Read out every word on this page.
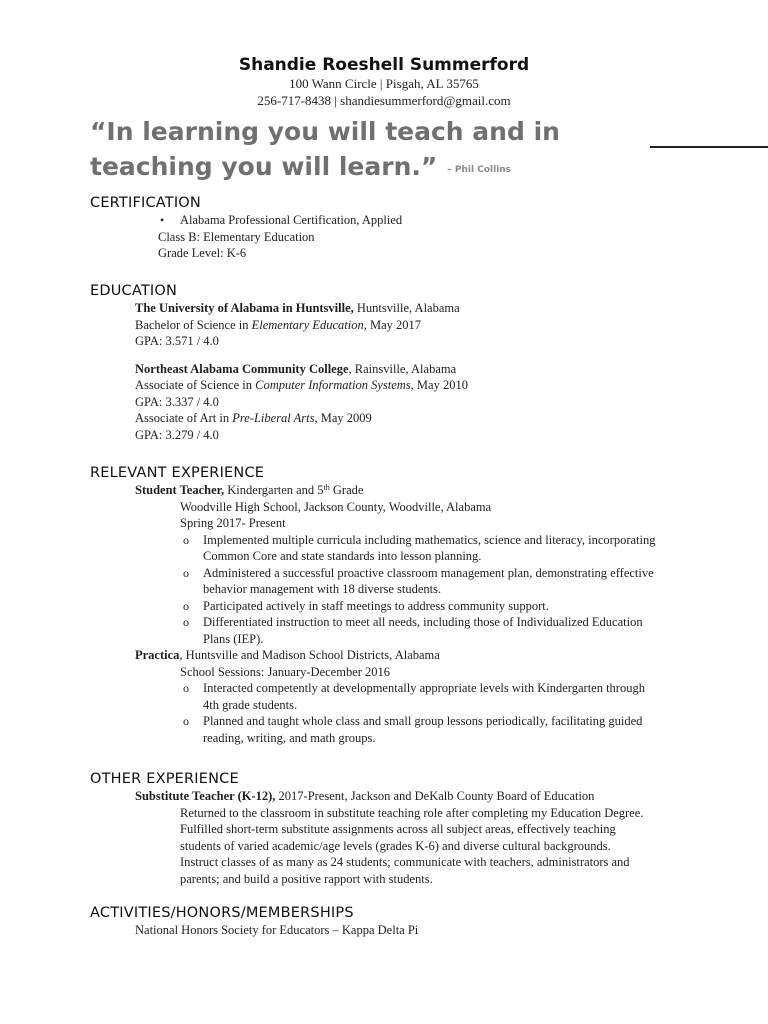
Shandie Roeshell Summerford
100 Wann Circle | Pisgah, AL 35765
256-717-8438 | shandiesummerford@gmail.com
“In learning you will teach and in
teaching you will learn.” – Phil Collins
CERTIFICATION
• Alabama Professional Certification, Applied
Class B: Elementary Education
Grade Level: K-6
EDUCATION
The University of Alabama in Huntsville, Huntsville, Alabama
Bachelor of Science in Elementary Education, May 2017
GPA: 3.571 / 4.0
Northeast Alabama Community College, Rainsville, Alabama
Associate of Science in Computer Information Systems, May 2010
GPA: 3.337 / 4.0
Associate of Art in Pre-Liberal Arts, May 2009
GPA: 3.279 / 4.0
RELEVANT EXPERIENCE
Student Teacher, Kindergarten and 5th Grade
Woodville High School, Jackson County, Woodville, Alabama
Spring 2017- Present
o Implemented multiple curricula including mathematics, science and literacy, incorporating Common Core and state standards into lesson planning.
o Administered a successful proactive classroom management plan, demonstrating effective behavior management with 18 diverse students.
o Participated actively in staff meetings to address community support.
o Differentiated instruction to meet all needs, including those of Individualized Education Plans (IEP).
Practica, Huntsville and Madison School Districts, Alabama
School Sessions: January-December 2016
o Interacted competently at developmentally appropriate levels with Kindergarten through 4th grade students.
o Planned and taught whole class and small group lessons periodically, facilitating guided reading, writing, and math groups.
OTHER EXPERIENCE
Substitute Teacher (K-12), 2017-Present, Jackson and DeKalb County Board of Education
Returned to the classroom in substitute teaching role after completing my Education Degree. Fulfilled short-term substitute assignments across all subject areas, effectively teaching students of varied academic/age levels (grades K-6) and diverse cultural backgrounds. Instruct classes of as many as 24 students; communicate with teachers, administrators and parents; and build a positive rapport with students.
ACTIVITIES/HONORS/MEMBERSHIPS
National Honors Society for Educators – Kappa Delta Pi
